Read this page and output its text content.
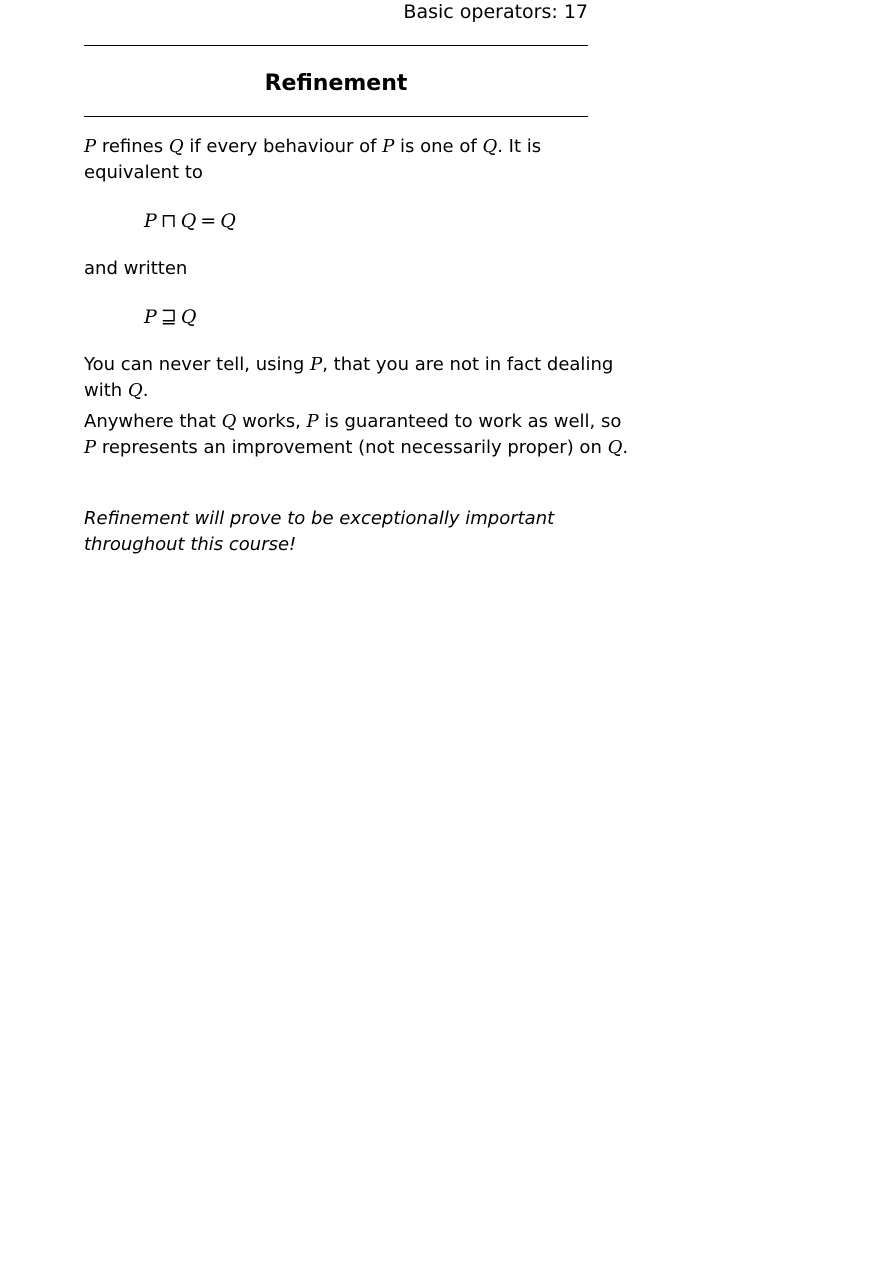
Basic operators: 17
Refinement
P refines Q if every behaviour of P is one of Q. It is
equivalent to
P ⊓ Q = Q
and written
P ⊒ Q
You can never tell, using P, that you are not in fact dealing
with Q.
Anywhere that Q works, P is guaranteed to work as well, so
P represents an improvement (not necessarily proper) on Q.
Refinement will prove to be exceptionally important
throughout this course!
